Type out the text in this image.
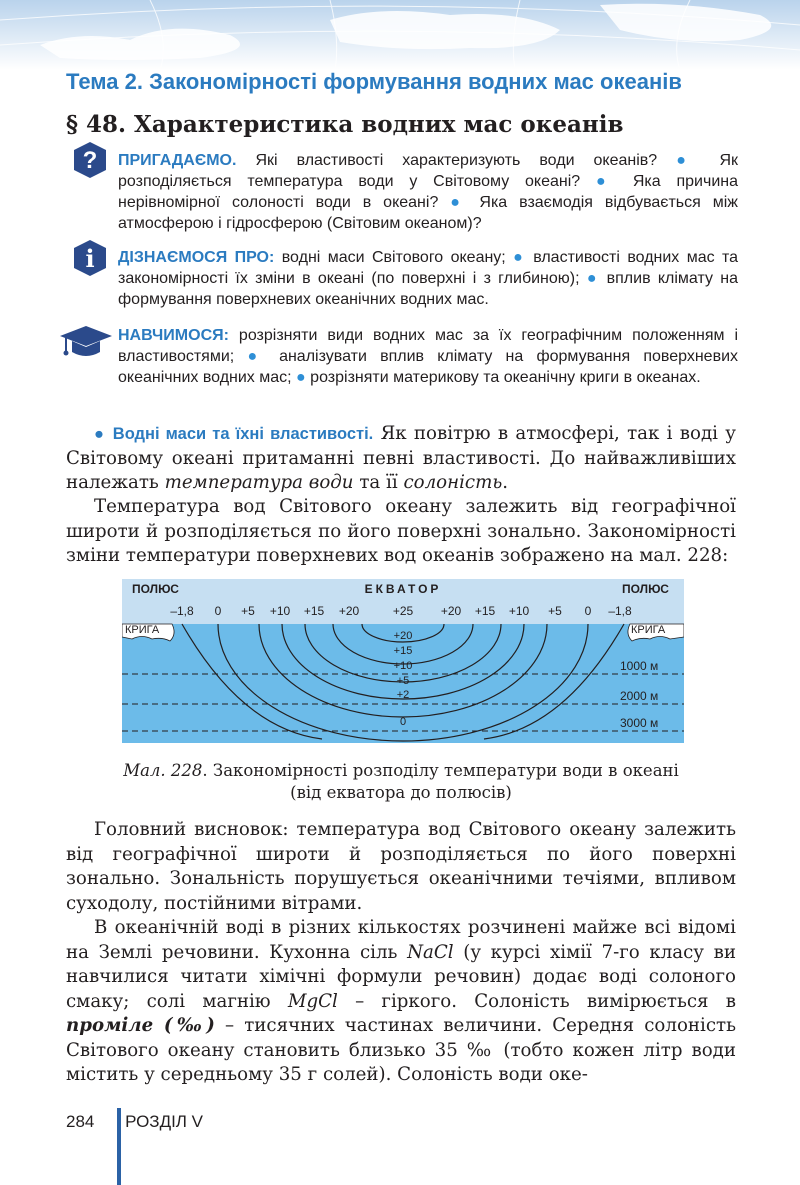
Тема 2. Закономірності формування водних мас океанів
§ 48. Характеристика водних мас океанів
? ПРИГАДАЄМО. Які властивості характеризують води океанів? ● Як розподіляється температура води у Світовому океані? ● Яка причина нерівномірної солоності води в океані? ● Яка взаємодія відбувається між атмосферою і гідросферою (Світовим океаном)?
i ДІЗНАЄМОСЯ ПРО: водні маси Світового океану; ● властивості водних мас та закономірності їх зміни в океані (по поверхні і з глибиною); ● вплив клімату на формування поверхневих океанічних водних мас.
НАВЧИМОСЯ: розрізняти види водних мас за їх географічним положенням і властивостями; ● аналізувати вплив клімату на формування поверхневих океанічних водних мас; ● розрізняти материкову та океанічну криги в океанах.
● Водні маси та їхні властивості. Як повітрю в атмосфері, так і воді у Світовому океані притаманні певні властивості. До найважливіших належать температура води та її солоність.
Температура вод Світового океану залежить від географічної широти й розподіляється по його поверхні зонально. Закономірності зміни температури поверхневих вод океанів зображено на мал. 228:
ПОЛЮС	ЕКВАТОР	ПОЛЮС
КРИГА	КРИГА
–1,8 0 +5 +10 +15 +20	+25 +20 +15 +10 +5 0 –1,8
+20
+15
+10
+5
+2
0
1000 м
2000 м
3000 м
Мал. 228. Закономірності розподілу температури води в океані
(від екватора до полюсів)
Головний висновок: температура вод Світового океану залежить від географічної широти й розподіляється по його поверхні зонально. Зональність порушується океанічними течіями, впливом суходолу, постійними вітрами.
В океанічній воді в різних кількостях розчинені майже всі відомі на Землі речовини. Кухонна сіль NaCl (у курсі хімії 7-го класу ви навчилися читати хімічні формули речовин) додає воді солоного смаку; солі магнію MgCl – гіркого. Солоність вимірюється в проміле (‰) – тисячних частинах величини. Середня солоність Світового океану становить близько 35 ‰ (тобто кожен літр води містить у середньому 35 г солей). Солоність води оке-
284 РОЗДІЛ V
